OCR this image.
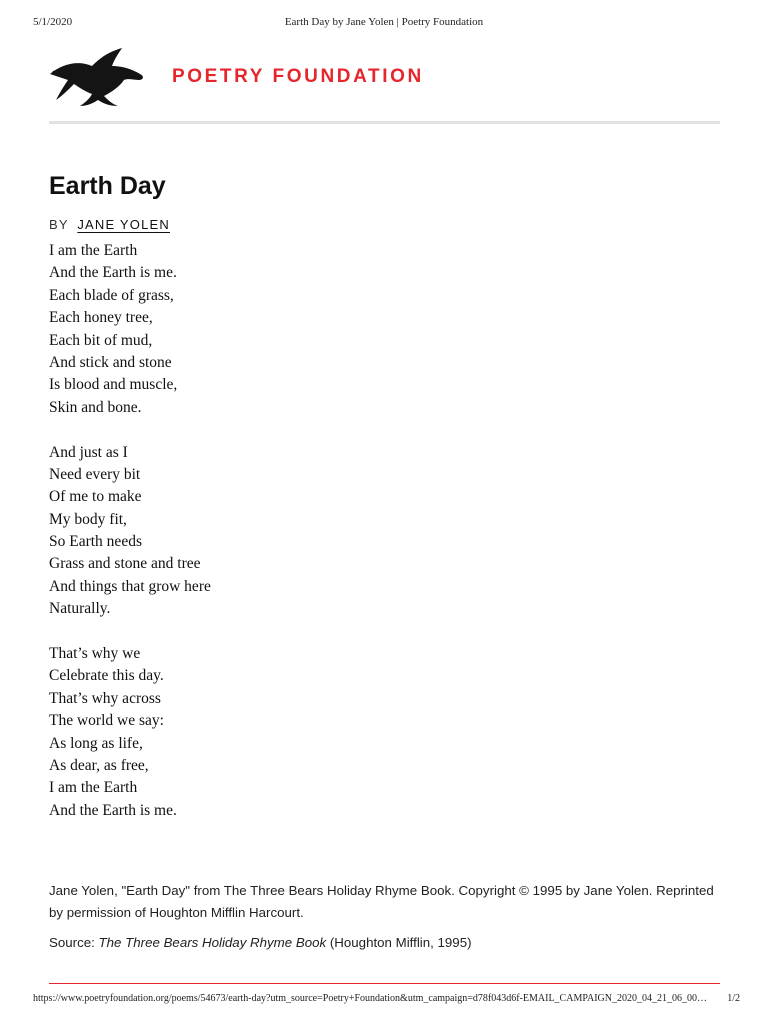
5/1/2020	Earth Day by Jane Yolen | Poetry Foundation
POETRY FOUNDATION
Earth Day
BY JANE YOLEN
I am the Earth
And the Earth is me.
Each blade of grass,
Each honey tree,
Each bit of mud,
And stick and stone
Is blood and muscle,
Skin and bone.
And just as I
Need every bit
Of me to make
My body fit,
So Earth needs
Grass and stone and tree
And things that grow here
Naturally.
That’s why we
Celebrate this day.
That’s why across
The world we say:
As long as life,
As dear, as free,
I am the Earth
And the Earth is me.

Jane Yolen, "Earth Day" from The Three Bears Holiday Rhyme Book. Copyright © 1995 by Jane Yolen. Reprinted by permission of Houghton Mifflin Harcourt.

Source: The Three Bears Holiday Rhyme Book (Houghton Mifflin, 1995)

https://www.poetryfoundation.org/poems/54673/earth-day?utm_source=Poetry+Foundation&utm_campaign=d78f043d6f-EMAIL_CAMPAIGN_2020_04_21_06_00…	1/2
